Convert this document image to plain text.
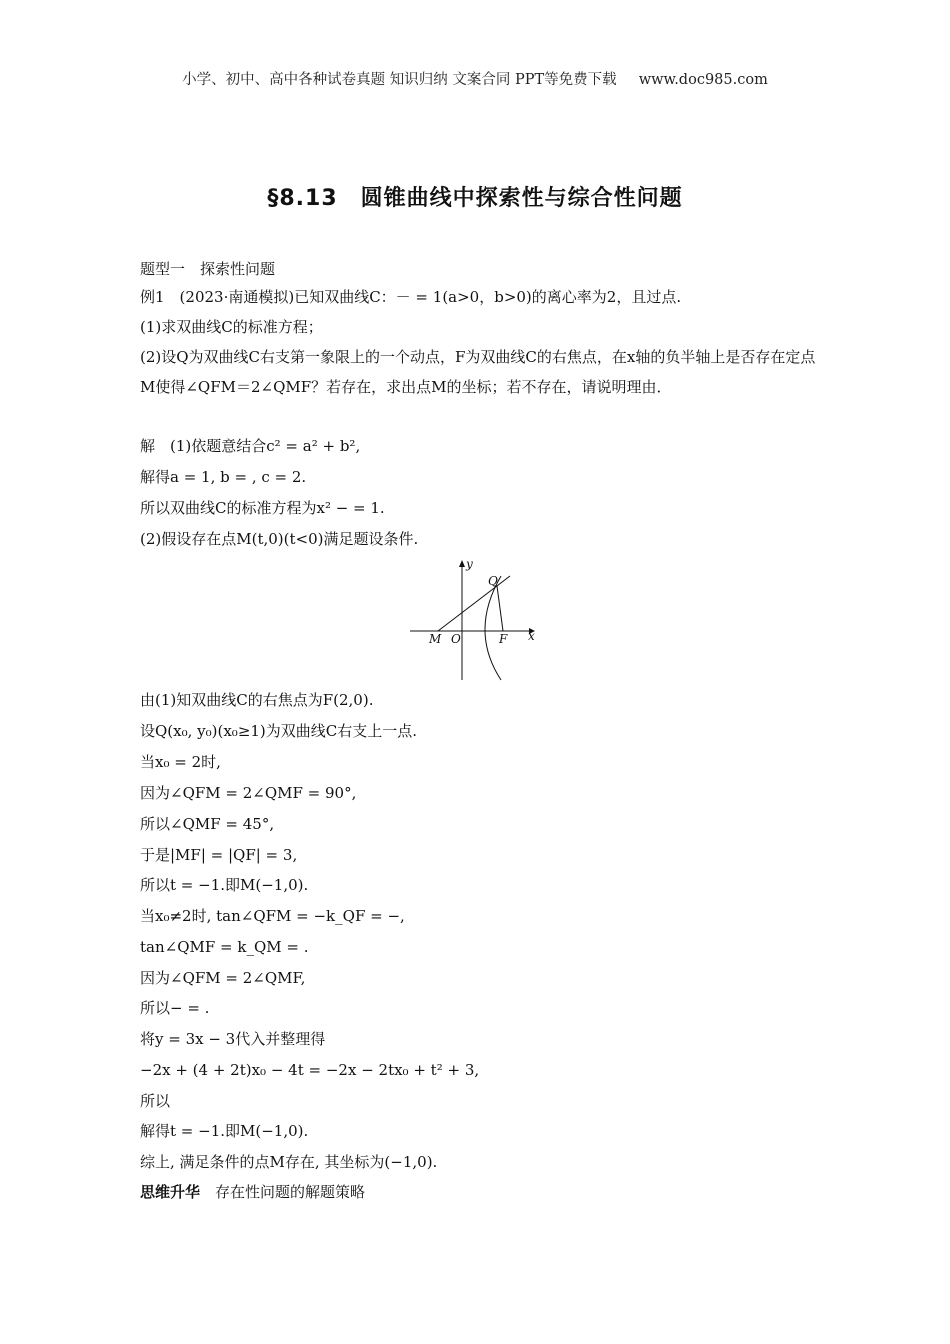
小学、初中、高中各种试卷真题 知识归纳 文案合同 PPT等免费下载 www.doc985.com
§8.13　圆锥曲线中探索性与综合性问题
题型一　探索性问题
例1　(2023·南通模拟)已知双曲线C：－ = 1(a>0，b>0)的离心率为2，且过点.
(1)求双曲线C的标准方程；
(2)设Q为双曲线C右支第一象限上的一个动点，F为双曲线C的右焦点，在x轴的负半轴上是否存在定点M使得∠QFM＝2∠QMF？若存在，求出点M的坐标；若不存在，请说明理由．
解　(1)依题意结合c² = a² + b²,
解得a = 1, b = , c = 2.
所以双曲线C的标准方程为x² − = 1.
(2)假设存在点M(t,0)(t<0)满足题设条件.
y
x
Q
M O	F
由(1)知双曲线C的右焦点为F(2,0).
设Q(x₀, y₀)(x₀≥1)为双曲线C右支上一点.
当x₀ = 2时,
因为∠QFM = 2∠QMF = 90°,
所以∠QMF = 45°,
于是|MF| = |QF| = 3,
所以t = −1.即M(−1,0).
当x₀≠2时, tan∠QFM = −k_QF = −,
tan∠QMF = k_QM = .
因为∠QFM = 2∠QMF,
所以− = .
将y = 3x − 3代入并整理得
−2x + (4 + 2t)x₀ − 4t = −2x − 2tx₀ + t² + 3,
所以
解得t = −1.即M(−1,0).
综上, 满足条件的点M存在, 其坐标为(−1,0).
思维升华　 存在性问题的解题策略
